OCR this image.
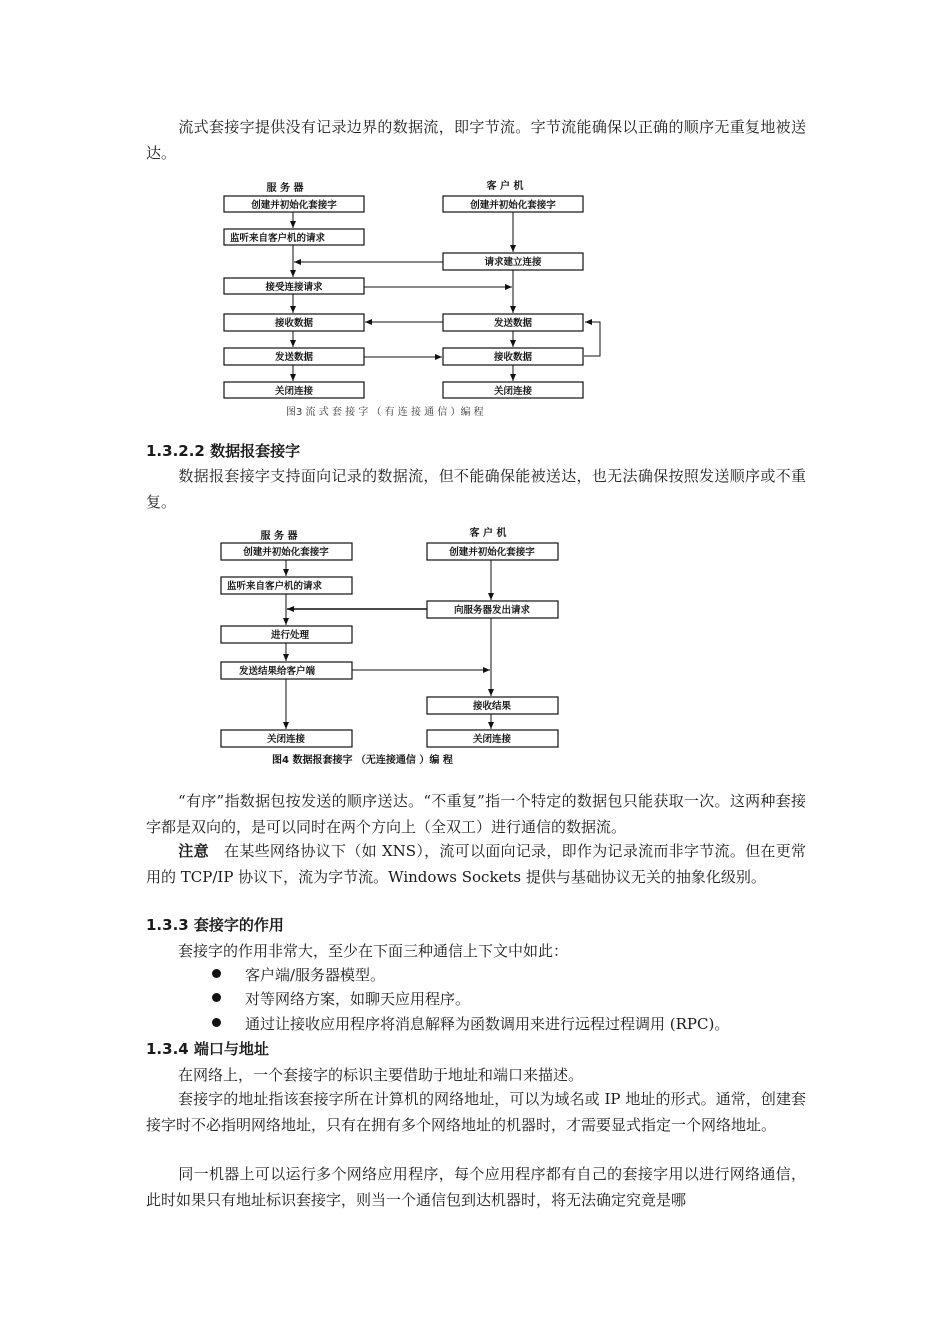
流式套接字提供没有记录边界的数据流，即字节流。字节流能确保以正确的顺序无重复地被送达。

服 务 器	客 户 机
创建并初始化套接字
监听来自客户机的请求
接受连接请求
接收数据
发送数据
关闭连接
创建并初始化套接字
请求建立连接
发送数据
接收数据
关闭连接
图3 流 式 套 接 字 （ 有 连 接 通 信 ）编 程

1.3.2.2 数据报套接字

数据报套接字支持面向记录的数据流，但不能确保能被送达，也无法确保按照发送顺序或不重复。

服 务 器	客 户 机
创建并初始化套接字
监听来自客户机的请求
进行处理
发送结果给客户端
关闭连接
创建并初始化套接字
向服务器发出请求
接收结果
关闭连接
图4 数据报套接字 （无连接通信 ）编 程

“有序”指数据包按发送的顺序送达。“不重复”指一个特定的数据包只能获取一次。这两种套接字都是双向的，是可以同时在两个方向上（全双工）进行通信的数据流。

注意 在某些网络协议下（如 XNS），流可以面向记录，即作为记录流而非字节流。但在更常用的 TCP/IP 协议下，流为字节流。Windows Sockets 提供与基础协议无关的抽象化级别。

1.3.3 套接字的作用

套接字的作用非常大，至少在下面三种通信上下文中如此：

客户端/服务器模型。

对等网络方案，如聊天应用程序。

通过让接收应用程序将消息解释为函数调用来进行远程过程调用 (RPC)。

1.3.4 端口与地址

在网络上，一个套接字的标识主要借助于地址和端口来描述。

套接字的地址指该套接字所在计算机的网络地址，可以为域名或 IP 地址的形式。通常，创建套接字时不必指明网络地址，只有在拥有多个网络地址的机器时，才需要显式指定一个网络地址。

同一机器上可以运行多个网络应用程序，每个应用程序都有自己的套接字用以进行网络通信，此时如果只有地址标识套接字，则当一个通信包到达机器时，将无法确定究竟是哪
